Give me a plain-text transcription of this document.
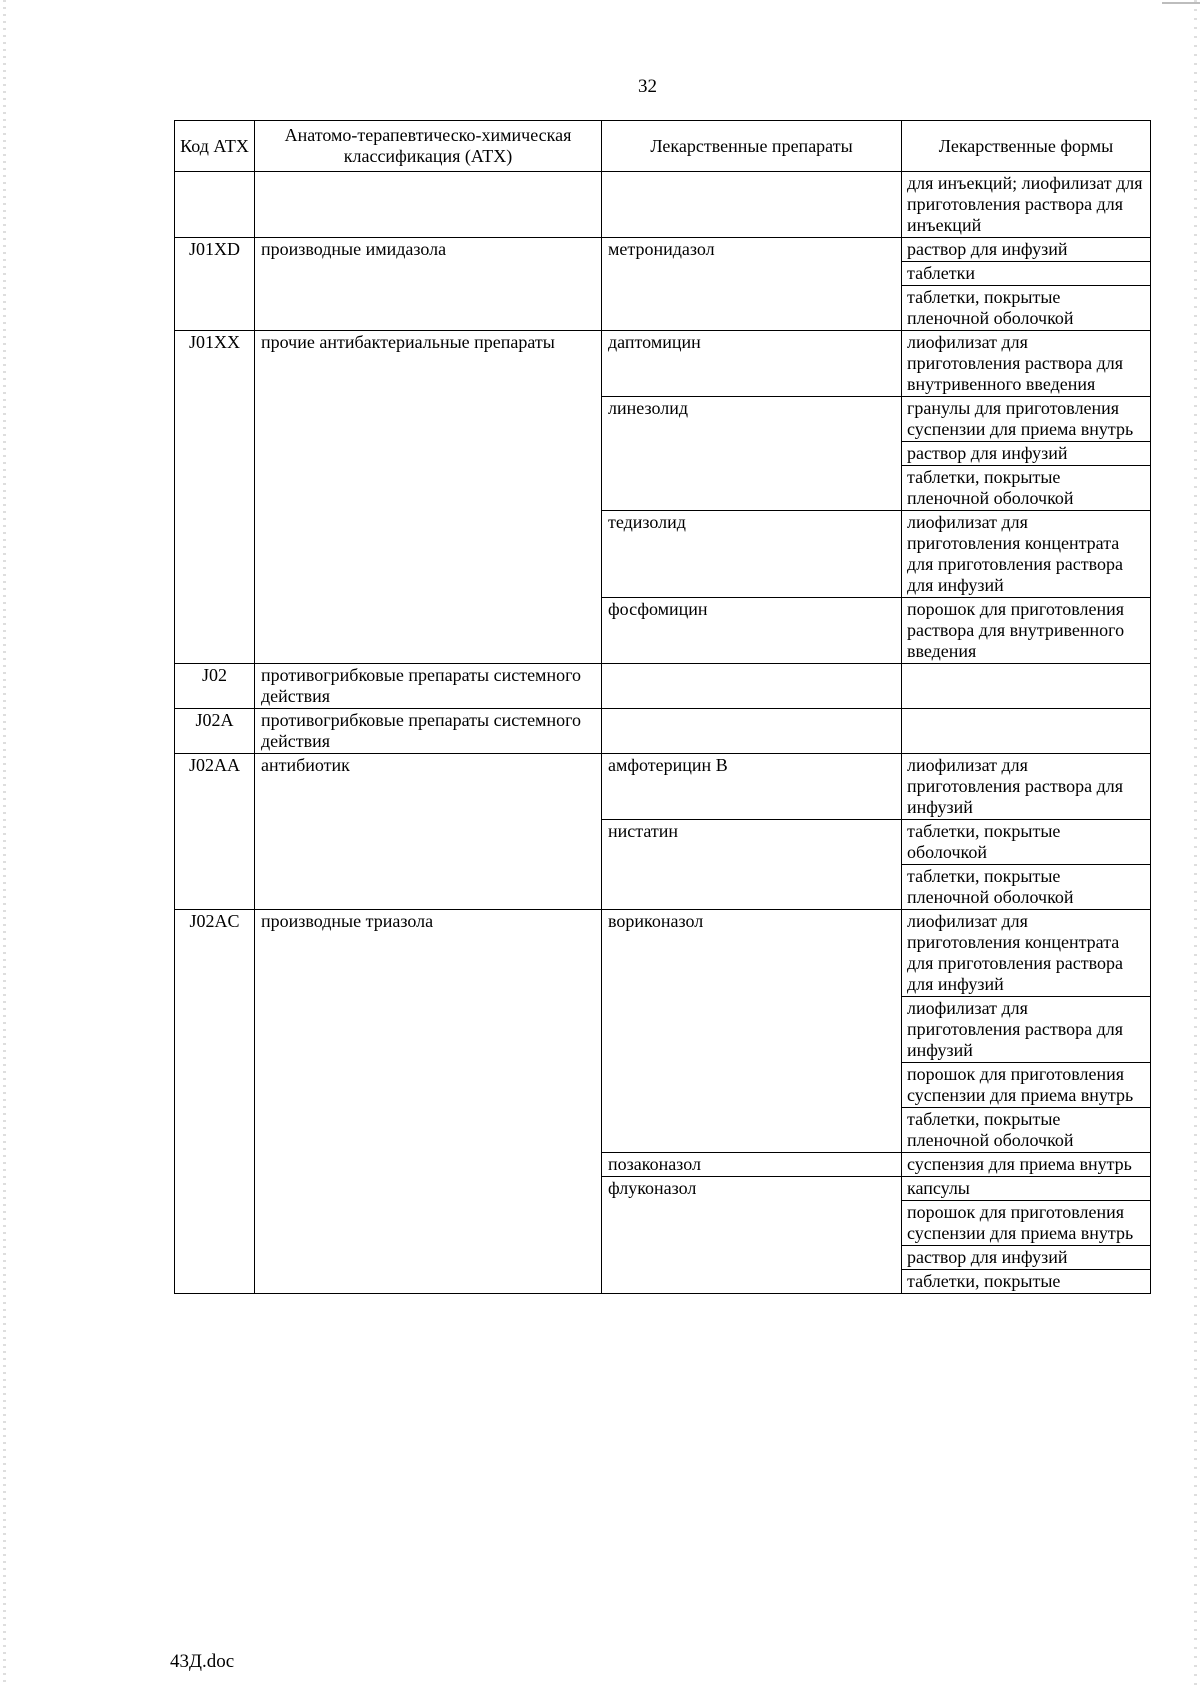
32
Код АТХ	Анатомо-терапевтическо-химическая классификация (АТХ)	Лекарственные препараты	Лекарственные формы
			для инъекций; лиофилизат для приготовления раствора для инъекций
J01XD	производные имидазола	метронидазол	раствор для инфузий
			таблетки
			таблетки, покрытые пленочной оболочкой
J01XX	прочие антибактериальные препараты	даптомицин	лиофилизат для приготовления раствора для внутривенного введения
		линезолид	гранулы для приготовления суспензии для приема внутрь
			раствор для инфузий
			таблетки, покрытые пленочной оболочкой
		тедизолид	лиофилизат для приготовления концентрата для приготовления раствора для инфузий
		фосфомицин	порошок для приготовления раствора для внутривенного введения
J02	противогрибковые препараты системного действия		
J02A	противогрибковые препараты системного действия		
J02AA	антибиотик	амфотерицин B	лиофилизат для приготовления раствора для инфузий
		нистатин	таблетки, покрытые оболочкой
			таблетки, покрытые пленочной оболочкой
J02AC	производные триазола	вориконазол	лиофилизат для приготовления концентрата для приготовления раствора для инфузий
			лиофилизат для приготовления раствора для инфузий
			порошок для приготовления суспензии для приема внутрь
			таблетки, покрытые пленочной оболочкой
		позаконазол	суспензия для приема внутрь
		флуконазол	капсулы
			порошок для приготовления суспензии для приема внутрь
			раствор для инфузий
			таблетки, покрытые
43Д.doc
